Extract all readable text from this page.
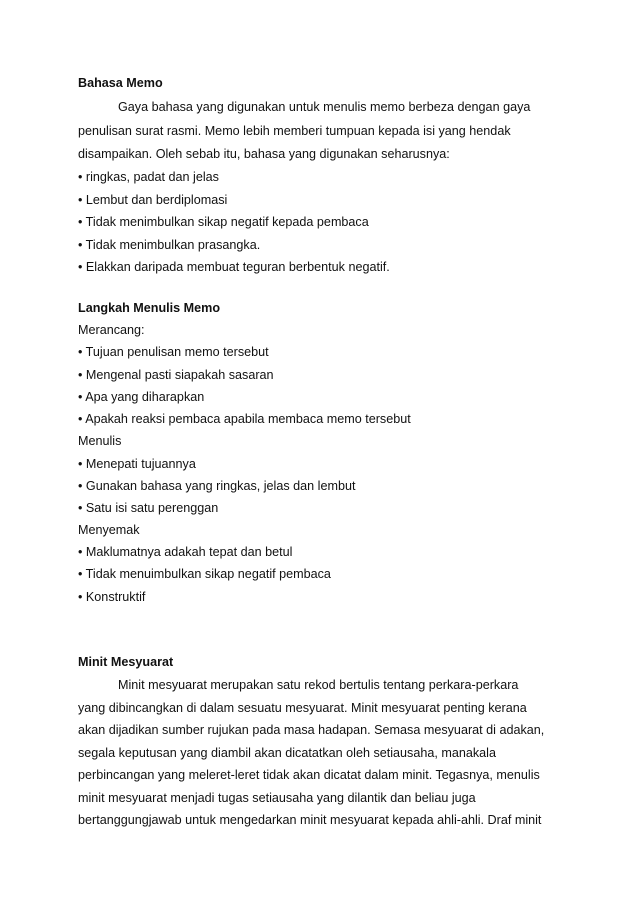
Bahasa Memo
Gaya bahasa yang digunakan untuk menulis memo berbeza dengan gaya
penulisan surat rasmi. Memo lebih memberi tumpuan kepada isi yang hendak
disampaikan. Oleh sebab itu, bahasa yang digunakan seharusnya:
• ringkas, padat dan jelas
• Lembut dan berdiplomasi
• Tidak menimbulkan sikap negatif kepada pembaca
• Tidak menimbulkan prasangka.
• Elakkan daripada membuat teguran berbentuk negatif.
Langkah Menulis Memo
Merancang:
• Tujuan penulisan memo tersebut
• Mengenal pasti siapakah sasaran
• Apa yang diharapkan
• Apakah reaksi pembaca apabila membaca memo tersebut
Menulis
• Menepati tujuannya
• Gunakan bahasa yang ringkas, jelas dan lembut
• Satu isi satu perenggan
Menyemak
• Maklumatnya adakah tepat dan betul
• Tidak menuimbulkan sikap negatif pembaca
• Konstruktif
Minit Mesyuarat
Minit mesyuarat merupakan satu rekod bertulis tentang perkara-perkara
yang dibincangkan di dalam sesuatu mesyuarat. Minit mesyuarat penting kerana
akan dijadikan sumber rujukan pada masa hadapan. Semasa mesyuarat di adakan,
segala keputusan yang diambil akan dicatatkan oleh setiausaha, manakala
perbincangan yang meleret-leret tidak akan dicatat dalam minit. Tegasnya, menulis
minit mesyuarat menjadi tugas setiausaha yang dilantik dan beliau juga
bertanggungjawab untuk mengedarkan minit mesyuarat kepada ahli-ahli. Draf minit
